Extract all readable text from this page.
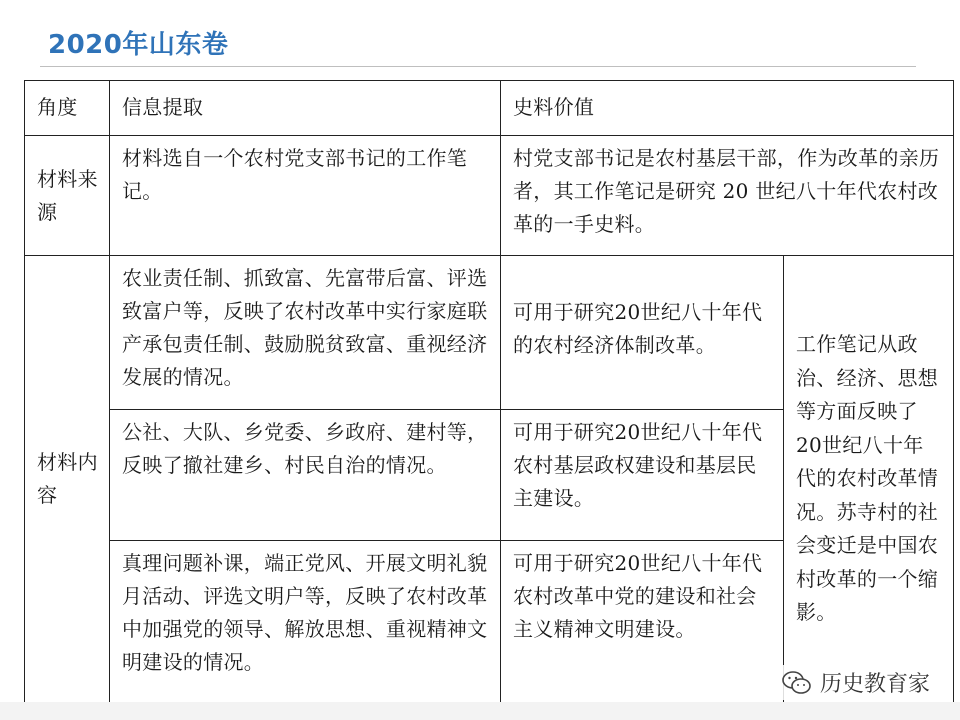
2020年山东卷
角度	信息提取	史料价值	

材料来源	材料选自一个农村党支部书记的工作笔记。	村党支部书记是农村基层干部，作为改革的亲历者，其工作笔记是研究 20 世纪八十年代农村改革的一手史料。	

材料内容	农业责任制、抓致富、先富带后富、评选致富户等，反映了农村改革中实行家庭联产承包责任制、鼓励脱贫致富、重视经济发展的情况。	可用于研究20世纪八十年代的农村经济体制改革。	工作笔记从政治、经济、思想等方面反映了20世纪八十年代的农村改革情况。苏寺村的社会变迁是中国农村改革的一个缩影。

	公社、大队、乡党委、乡政府、建村等，反映了撤社建乡、村民自治的情况。	可用于研究20世纪八十年代农村基层政权建设和基层民主建设。	

	真理问题补课，端正党风、开展文明礼貌月活动、评选文明户等，反映了农村改革中加强党的领导、解放思想、重视精神文明建设的情况。	可用于研究20世纪八十年代农村改革中党的建设和社会主义精神文明建设。	
历史教育家
